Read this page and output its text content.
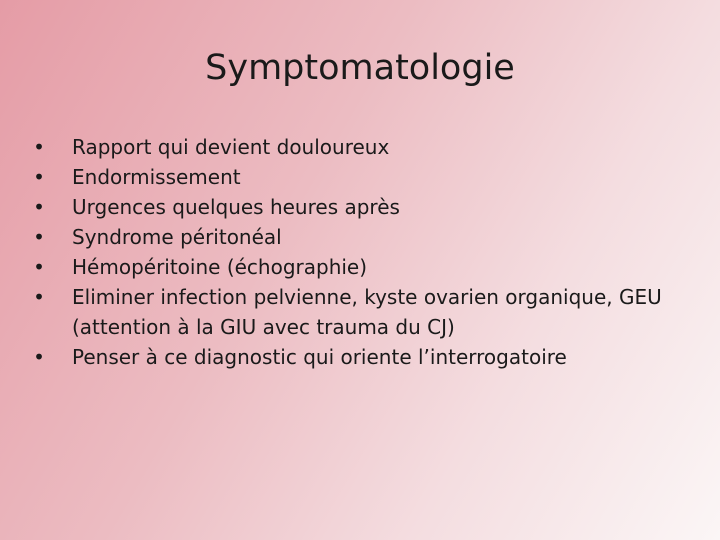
Symptomatologie
• Rapport qui devient douloureux
• Endormissement
• Urgences quelques heures après
• Syndrome péritonéal
• Hémopéritoine (échographie)
• Eliminer infection pelvienne, kyste ovarien organique, GEU (attention à la GIU avec trauma du CJ)
• Penser à ce diagnostic qui oriente l’interrogatoire
